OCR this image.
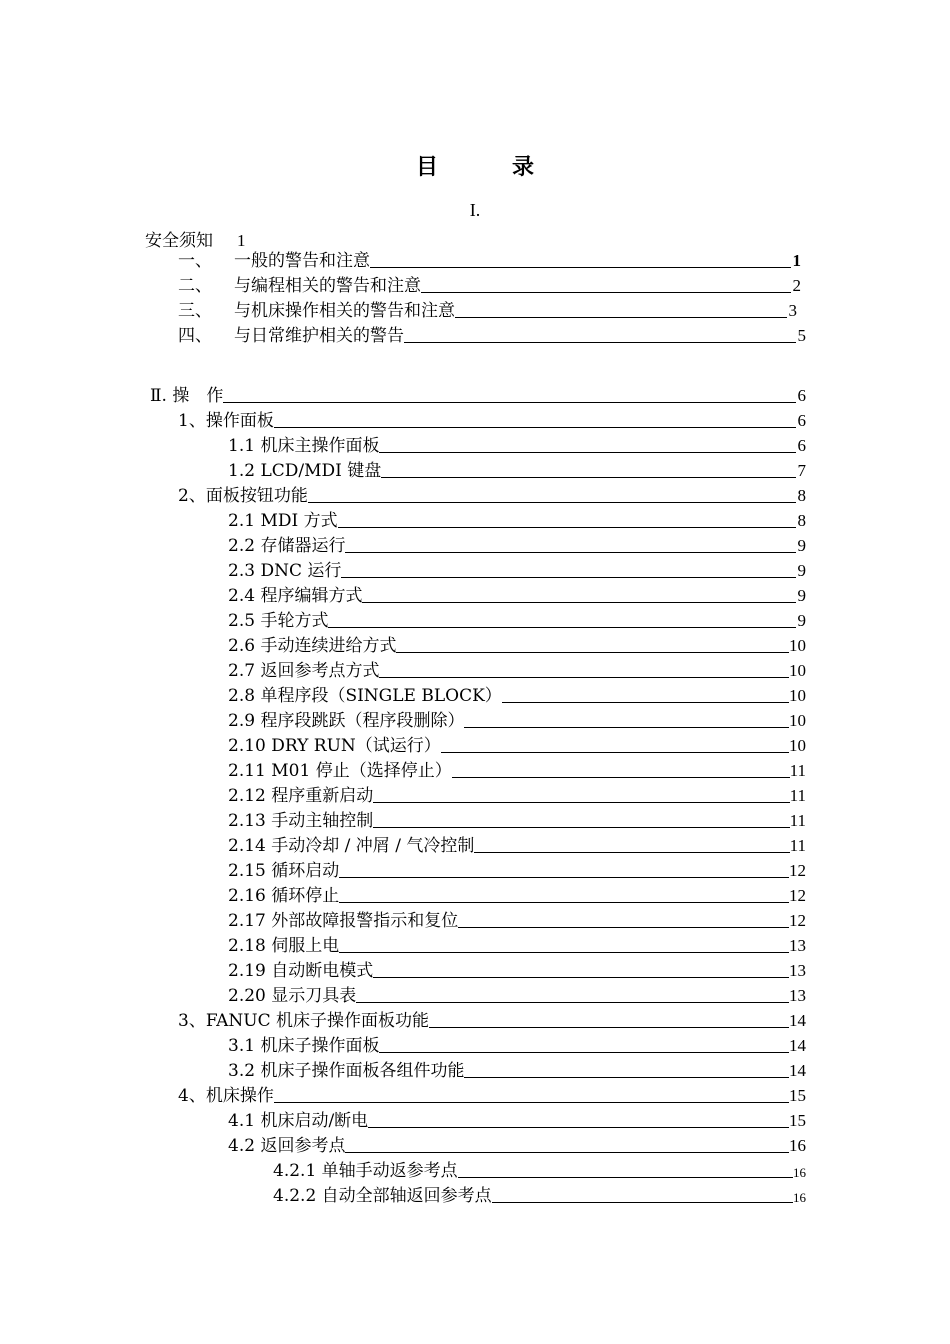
目　录
I.
安全须知 1
一、 一般的警告和注意	1
二、 与编程相关的警告和注意	2
三、 与机床操作相关的警告和注意	3
四、 与日常维护相关的警告	5
Ⅱ. 操　作	6
1、操作面板	6
1.1 机床主操作面板	6
1.2 LCD/MDI 键盘	7
2、面板按钮功能	8
2.1 MDI 方式	8
2.2 存储器运行	9
2.3 DNC 运行	9
2.4 程序编辑方式	9
2.5 手轮方式	9
2.6 手动连续进给方式	10
2.7 返回参考点方式	10
2.8 单程序段（SINGLE BLOCK）	10
2.9 程序段跳跃（程序段删除）	10
2.10 DRY RUN（试运行）	10
2.11 M01 停止（选择停止）	11
2.12 程序重新启动	11
2.13 手动主轴控制	11
2.14 手动冷却 / 冲屑 / 气冷控制	11
2.15 循环启动	12
2.16 循环停止	12
2.17 外部故障报警指示和复位	12
2.18 伺服上电	13
2.19 自动断电模式	13
2.20 显示刀具表	13
3、FANUC 机床子操作面板功能	14
3.1 机床子操作面板	14
3.2 机床子操作面板各组件功能	14
4、机床操作	15
4.1 机床启动/断电	15
4.2 返回参考点	16
4.2.1 单轴手动返参考点	16
4.2.2 自动全部轴返回参考点	16
